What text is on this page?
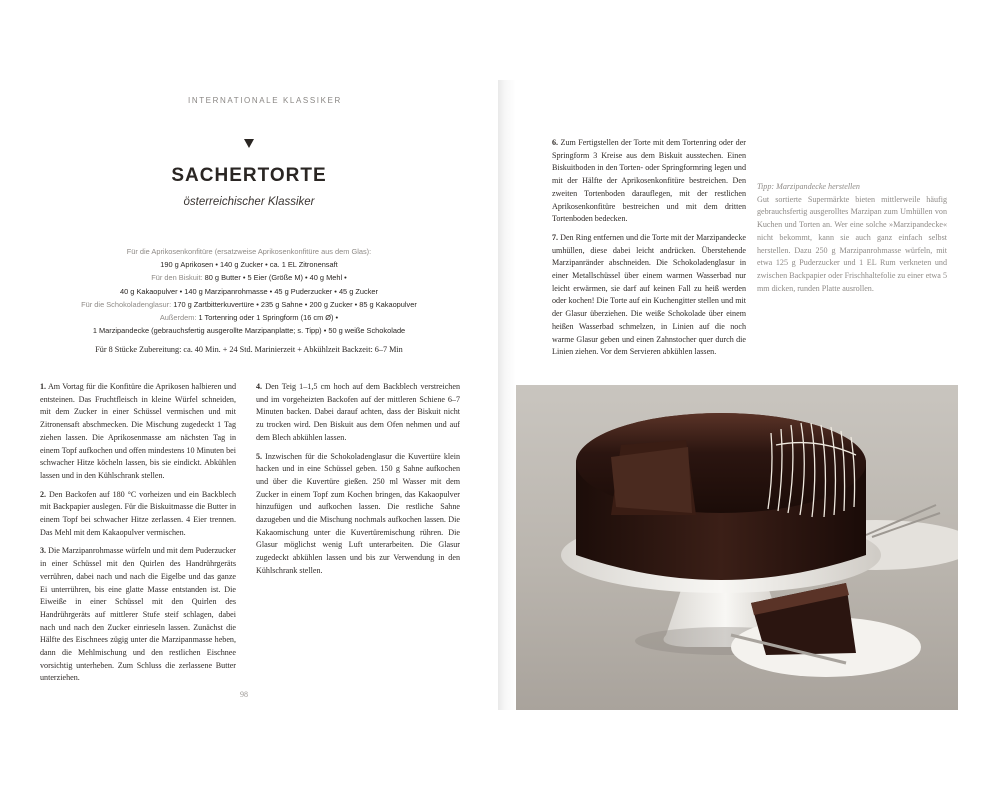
INTERNATIONALE KLASSIKER
SACHERTORTE
österreichischer Klassiker
Für die Aprikosenkonfitüre (ersatzweise Aprikosenkonfitüre aus dem Glas):
190 g Aprikosen • 140 g Zucker • ca. 1 EL Zitronensaft
Für den Biskuit: 80 g Butter • 5 Eier (Größe M) • 40 g Mehl •
40 g Kakaopulver • 140 g Marzipanrohmasse • 45 g Puderzucker • 45 g Zucker
Für die Schokoladenglasur: 170 g Zartbitterkuvertüre • 235 g Sahne • 200 g Zucker • 85 g Kakaopulver
Außerdem: 1 Tortenring oder 1 Springform (16 cm Ø) •
1 Marzipandecke (gebrauchsfertig ausgerollte Marzipanplatte; s. Tipp) • 50 g weiße Schokolade
Für 8 Stücke Zubereitung: ca. 40 Min. + 24 Std. Marinierzeit + Abkühlzeit Backzeit: 6–7 Min

1. Am Vortag für die Konfitüre die Aprikosen halbieren und entsteinen. Das Fruchtfleisch in kleine Würfel schneiden, mit dem Zucker in einer Schüssel vermischen und mit Zitronensaft abschmecken. Die Mischung zugedeckt 1 Tag ziehen lassen. Die Aprikosenmasse am nächsten Tag in einem Topf aufkochen und offen mindestens 10 Minuten bei schwacher Hitze köcheln lassen, bis sie eindickt. Abkühlen lassen und in den Kühlschrank stellen.

2. Den Backofen auf 180 °C vorheizen und ein Backblech mit Backpapier auslegen. Für die Biskuitmasse die Butter in einem Topf bei schwacher Hitze zerlassen. 4 Eier trennen. Das Mehl mit dem Kakaopulver vermischen.

3. Die Marzipanrohmasse würfeln und mit dem Puderzucker in einer Schüssel mit den Quirlen des Handrührgeräts verrühren, dabei nach und nach die Eigelbe und das ganze Ei unterrühren, bis eine glatte Masse entstanden ist. Die Eiweiße in einer Schüssel mit den Quirlen des Handrührgeräts auf mittlerer Stufe steif schlagen, dabei nach und nach den Zucker einrieseln lassen. Zunächst die Hälfte des Eischnees zügig unter die Marzipanmasse heben, dann die Mehlmischung und den restlichen Eischnee vorsichtig unterheben. Zum Schluss die zerlassene Butter unterziehen.

4. Den Teig 1–1,5 cm hoch auf dem Backblech verstreichen und im vorgeheizten Backofen auf der mittleren Schiene 6–7 Minuten backen. Dabei darauf achten, dass der Biskuit nicht zu trocken wird. Den Biskuit aus dem Ofen nehmen und auf dem Blech abkühlen lassen.

5. Inzwischen für die Schokoladenglasur die Kuvertüre klein hacken und in eine Schüssel geben. 150 g Sahne aufkochen und über die Kuvertüre gießen. 250 ml Wasser mit dem Zucker in einem Topf zum Kochen bringen, das Kakaopulver hinzufügen und aufkochen lassen. Die restliche Sahne dazugeben und die Mischung nochmals aufkochen lassen. Die Kakaomischung unter die Kuvertüremischung rühren. Die Glasur möglichst wenig Luft unterarbeiten. Die Glasur zugedeckt abkühlen lassen und bis zur Verwendung in den Kühlschrank stellen.

6. Zum Fertigstellen der Torte mit dem Tortenring oder der Springform 3 Kreise aus dem Biskuit ausstechen. Einen Biskuitboden in den Torten- oder Springformring legen und mit der Hälfte der Aprikosenkonfitüre bestreichen. Den zweiten Tortenboden darauflegen, mit der restlichen Aprikosenkonfitüre bestreichen und mit dem dritten Tortenboden bedecken.

7. Den Ring entfernen und die Torte mit der Marzipandecke umhüllen, diese dabei leicht andrücken. Überstehende Marzipanränder abschneiden. Die Schokoladenglasur in einer Metallschüssel über einem warmen Wasserbad nur leicht erwärmen, sie darf auf keinen Fall zu heiß werden oder kochen! Die Torte auf ein Kuchengitter stellen und mit der Glasur überziehen. Die weiße Schokolade über einem heißen Wasserbad schmelzen, in Linien auf die noch warme Glasur geben und einen Zahnstocher quer durch die Linien ziehen. Vor dem Servieren abkühlen lassen.

Tipp: Marzipandecke herstellen
Gut sortierte Supermärkte bieten mittlerweile häufig gebrauchsfertig ausgerolltes Marzipan zum Umhüllen von Kuchen und Torten an. Wer eine solche »Marzipandecke« nicht bekommt, kann sie auch ganz einfach selbst herstellen. Dazu 250 g Marzipanrohmasse würfeln, mit etwa 125 g Puderzucker und 1 EL Rum verkneten und zwischen Backpapier oder Frischhaltefolie zu einer etwa 5 mm dicken, runden Platte ausrollen.

98
